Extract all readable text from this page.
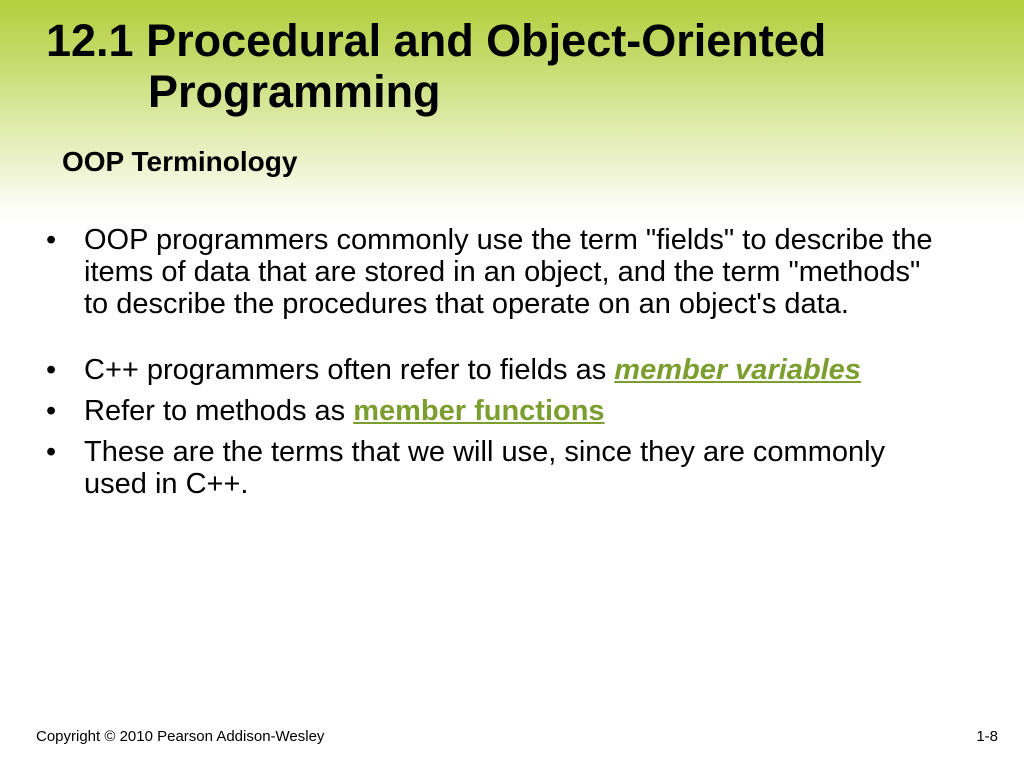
12.1 Procedural and Object-Oriented
Programming
OOP Terminology
• OOP programmers commonly use the term "fields" to describe the items of data that are stored in an object, and the term "methods" to describe the procedures that operate on an object's data.
• C++ programmers often refer to fields as member variables
• Refer to methods as member functions
• These are the terms that we will use, since they are commonly used in C++.
Copyright © 2010 Pearson Addison-Wesley	1-8
